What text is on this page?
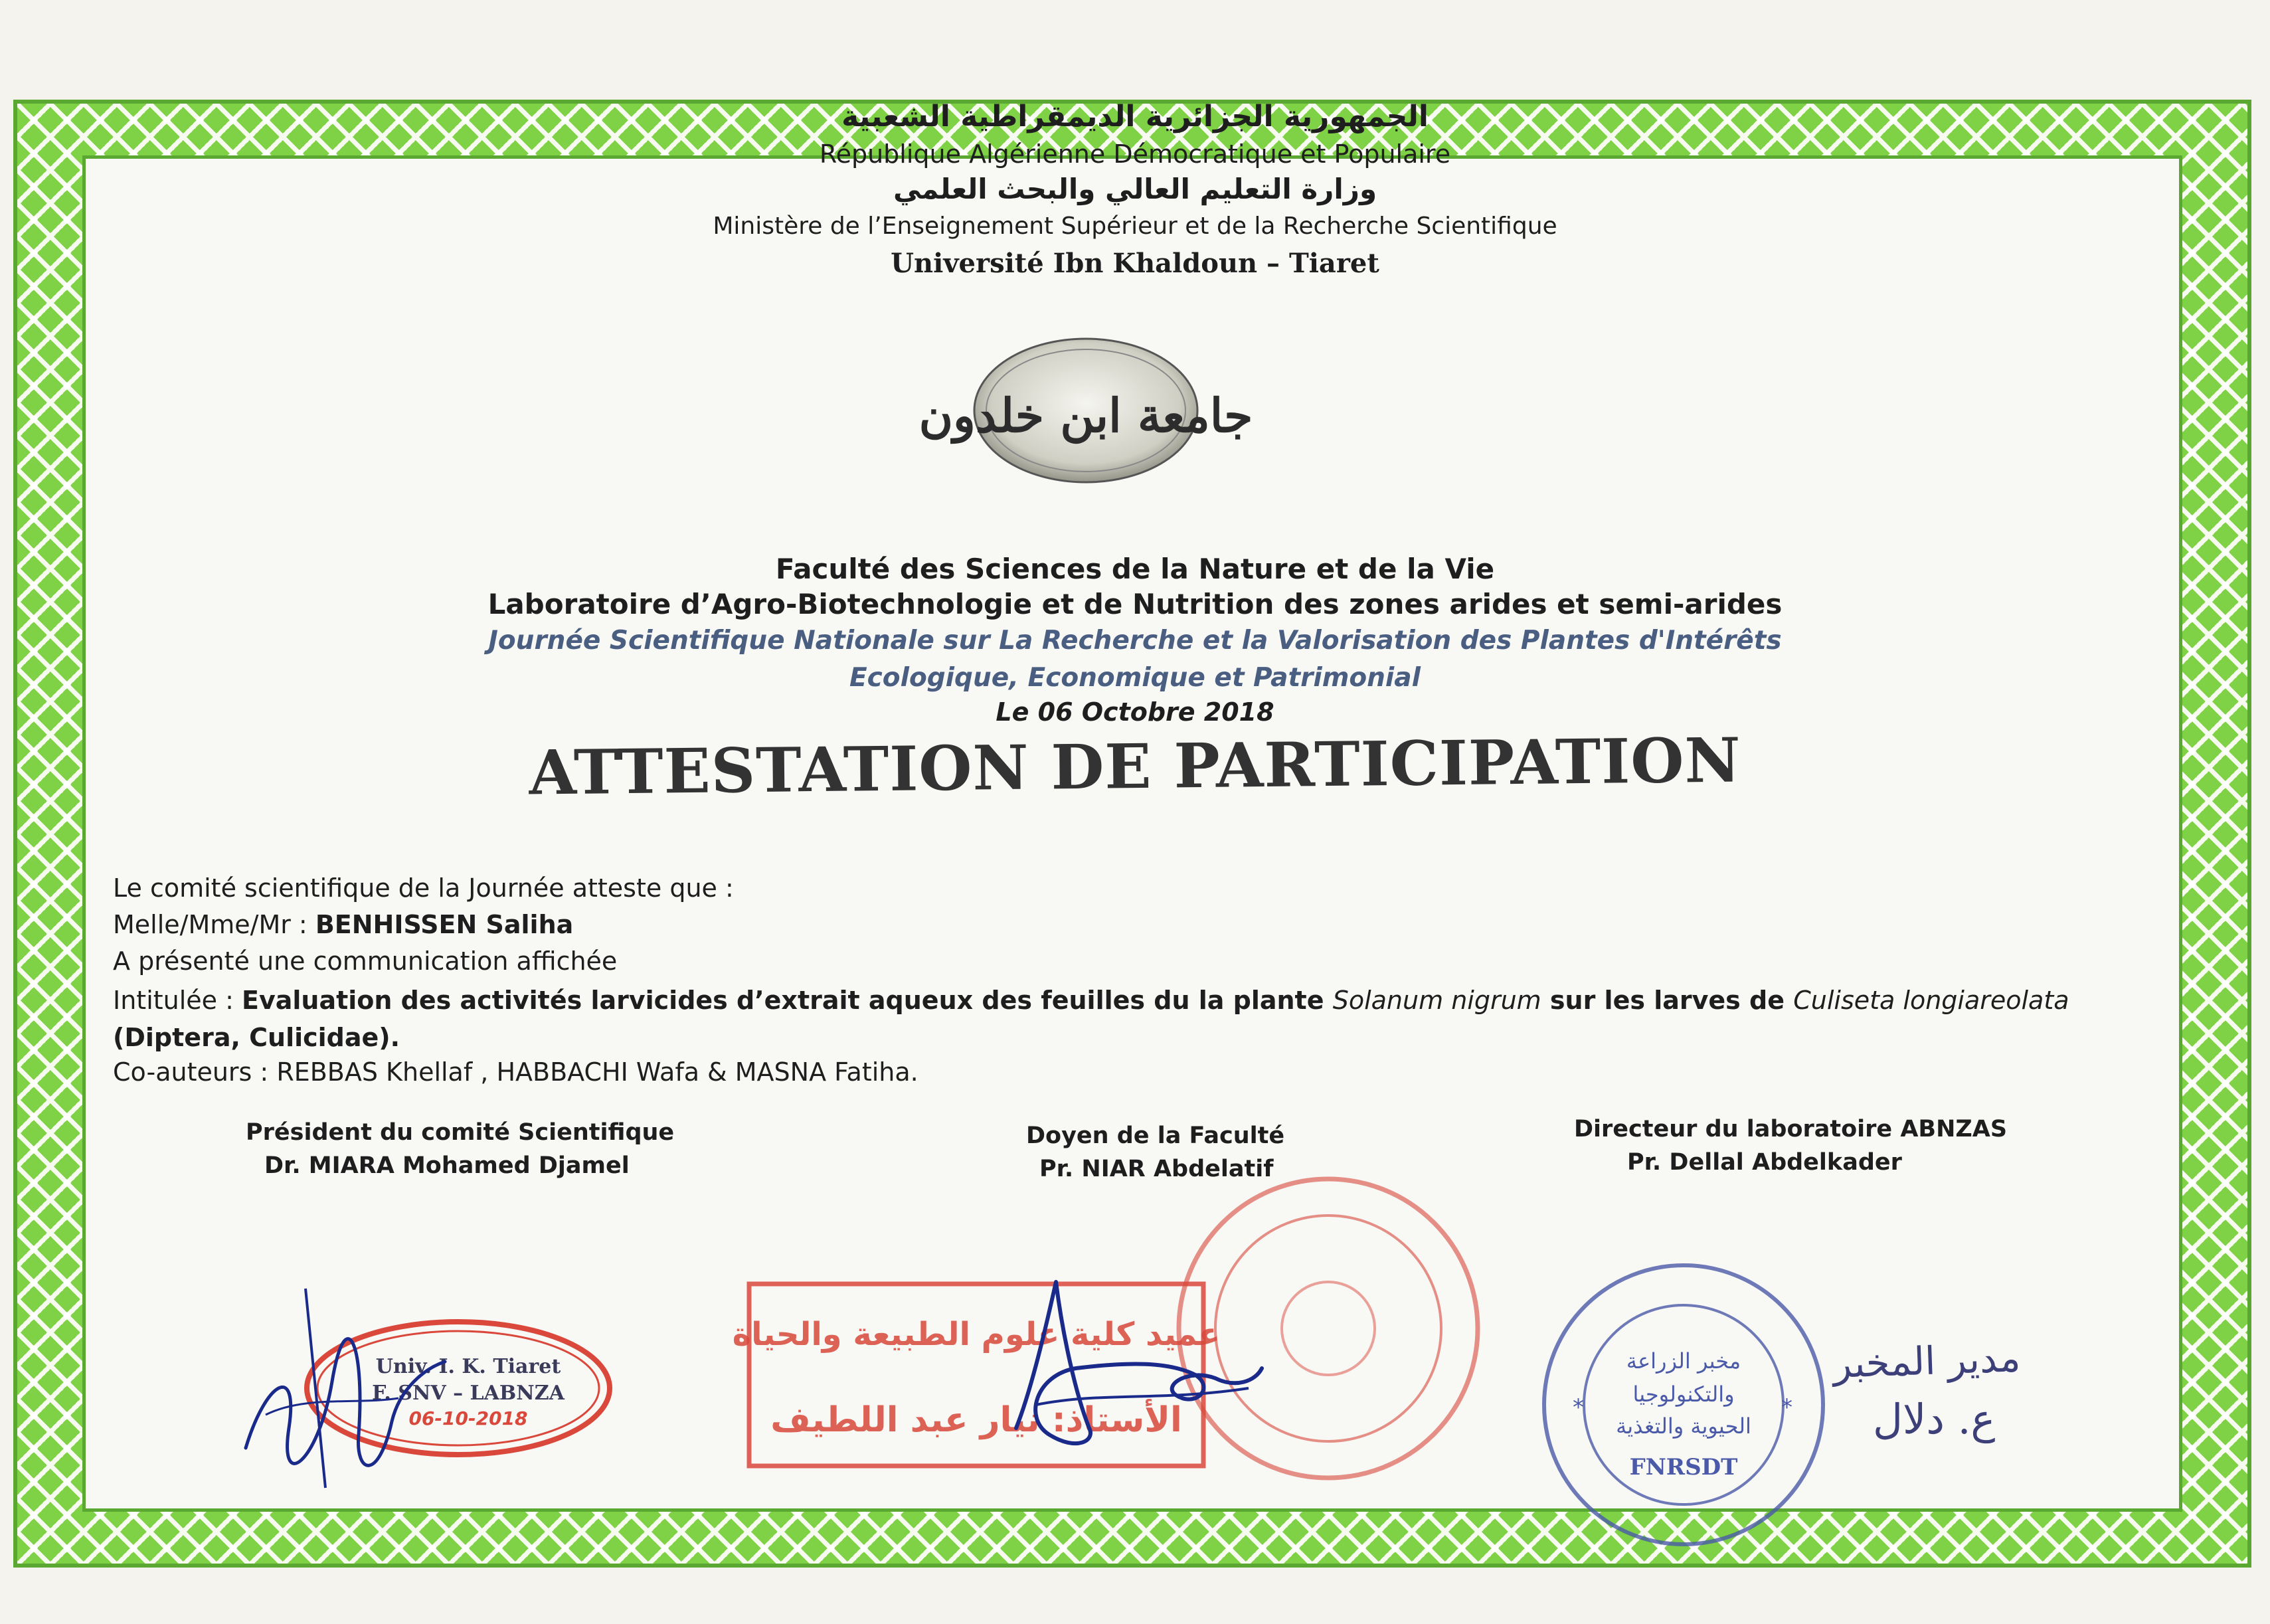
الجمهورية الجزائرية الديمقراطية الشعبية
République Algérienne Démocratique et Populaire
وزارة التعليم العالي والبحث العلمي
Ministère de l’Enseignement Supérieur et de la Recherche Scientifique
Université Ibn Khaldoun – Tiaret
جامعة ابن خلدون
Faculté des Sciences de la Nature et de la Vie
Laboratoire d’Agro-Biotechnologie et de Nutrition des zones arides et semi-arides
Journée Scientifique Nationale sur La Recherche et la Valorisation des Plantes d'Intérêts
Ecologique, Economique et Patrimonial
Le 06 Octobre 2018
ATTESTATION DE PARTICIPATION
Le comité scientifique de la Journée atteste que :
Melle/Mme/Mr : BENHISSEN Saliha
A présenté une communication affichée
Intitulée : Evaluation des activités larvicides d’extrait aqueux des feuilles du la plante Solanum nigrum sur les larves de Culiseta longiareolata (Diptera, Culicidae).
Co-auteurs : REBBAS Khellaf , HABBACHI Wafa & MASNA Fatiha.
Président du comité Scientifique
Dr. MIARA Mohamed Djamel
Doyen de la Faculté
Pr. NIAR Abdelatif
Directeur du laboratoire ABNZAS
Pr. Dellal Abdelkader
Univ. I. K. Tiaret
F. SNV – LABNZA
06-10-2018
عميد كلية علوم الطبيعة والحياة
الأستاذ: نيار عبد اللطيف
مخبر الزراعة
والتكنولوجيا
الحيوية والتغذية
FNRSDT
*	*
مدير المخبر
ع. دلال
